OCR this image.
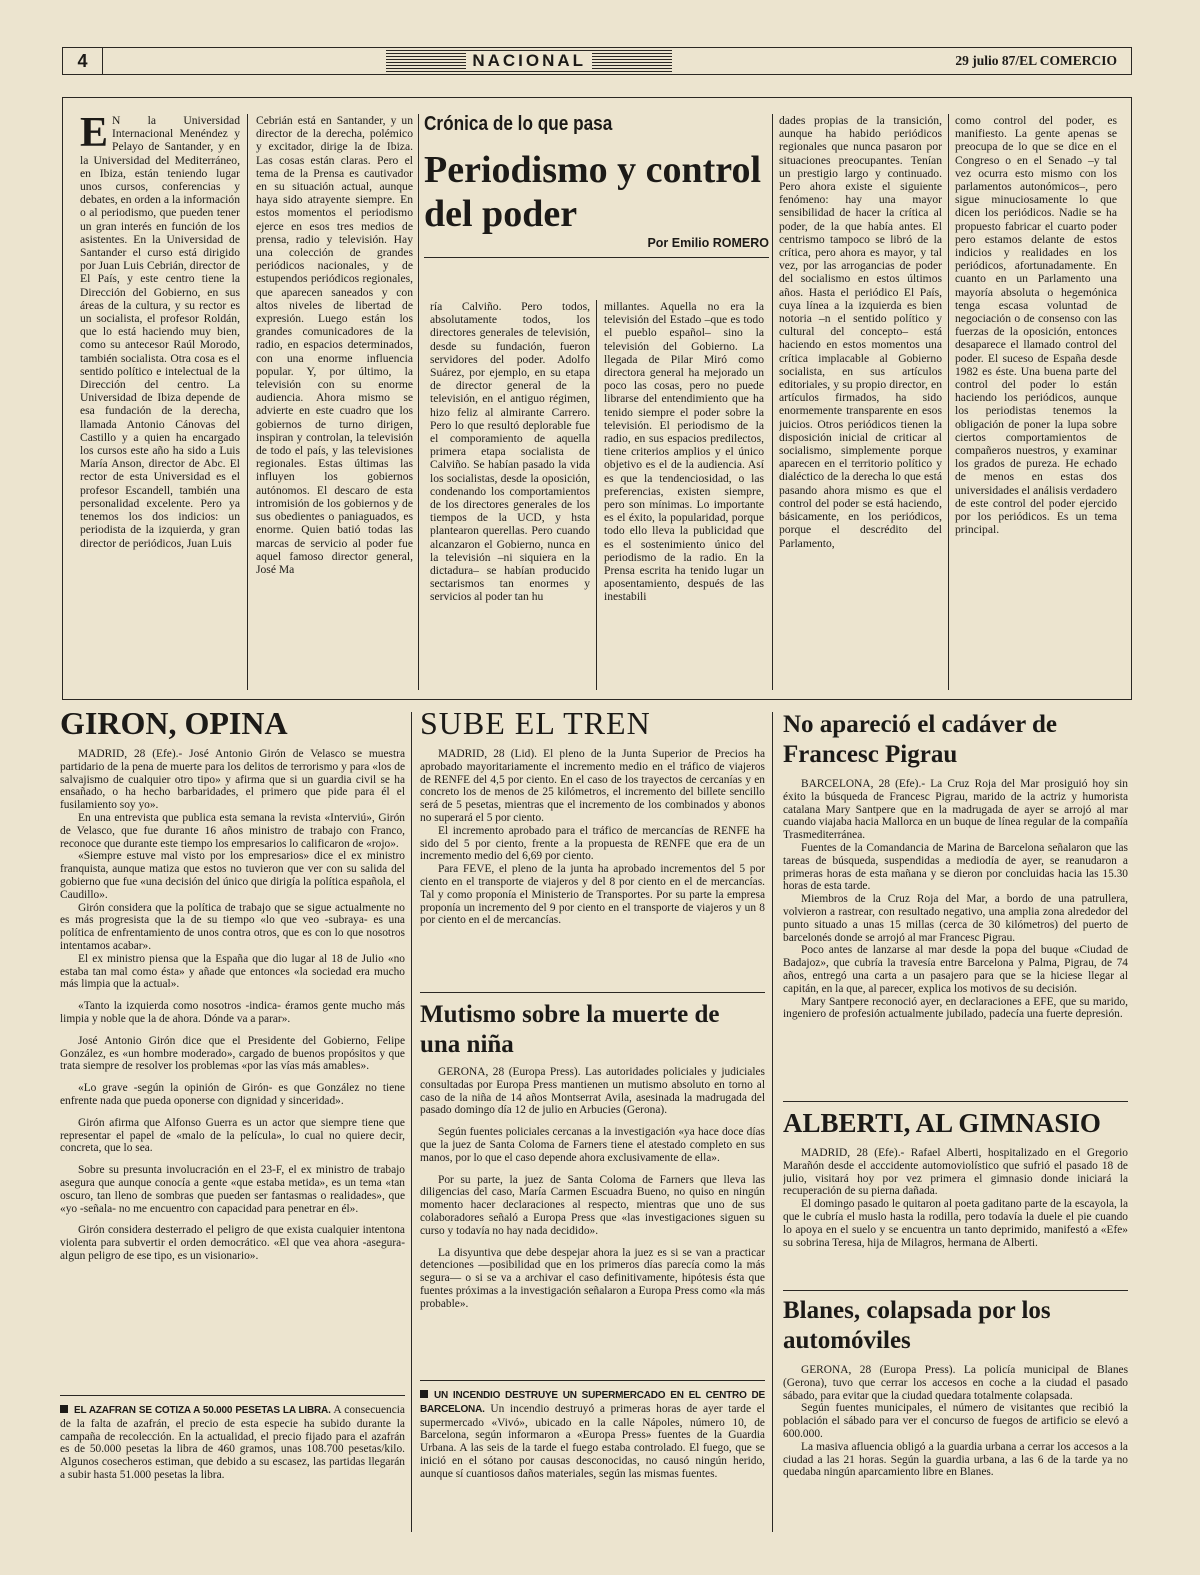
4	NACIONAL	29 julio 87/EL COMERCIO
E N la Universidad Internacional Menéndez y Pelayo de Santander, y en la Universidad del Mediterráneo, en Ibiza, están teniendo lugar unos cursos, conferencias y debates, en orden a la información o al periodismo, que pueden tener un gran interés en función de los asistentes. En la Universidad de Santander el curso está dirigido por Juan Luis Cebrián, director de El País, y este centro tiene la Dirección del Gobierno, en sus áreas de la cultura, y su rector es un socialista, el profesor Roldán, que lo está haciendo muy bien, como su antecesor Raúl Morodo, también socialista. Otra cosa es el sentido político e intelectual de la Dirección del centro. La Universidad de Ibiza depende de esa fundación de la derecha, llamada Antonio Cánovas del Castillo y a quien ha encargado los cursos este año ha sido a Luis María Anson, director de Abc. El rector de esta Universidad es el profesor Escandell, también una personalidad excelente. Pero ya tenemos los dos indicios: un periodista de la izquierda, y gran director de periódicos, Juan Luis
Cebrián está en Santander, y un director de la derecha, polémico y excitador, dirige la de Ibiza. Las cosas están claras. Pero el tema de la Prensa es cautivador en su situación actual, aunque haya sido atrayente siempre. En estos momentos el periodismo ejerce en esos tres medios de prensa, radio y televisión. Hay una colección de grandes periódicos nacionales, y de estupendos periódicos regionales, que aparecen saneados y con altos niveles de libertad de expresión. Luego están los grandes comunicadores de la radio, en espacios determinados, con una enorme influencia popular. Y, por último, la televisión con su enorme audiencia. Ahora mismo se advierte en este cuadro que los gobiernos de turno dirigen, inspiran y controlan, la televisión de todo el país, y las televisiones regionales. Estas últimas las influyen los gobiernos autónomos. El descaro de esta intromisión de los gobiernos y de sus obedientes o paniaguados, es enorme. Quien batió todas las marcas de servicio al poder fue aquel famoso director general, José Ma
Crónica de lo que pasa
Periodismo y control del poder
Por Emilio ROMERO
ría Calviño. Pero todos, absolutamente todos, los directores generales de televisión, desde su fundación, fueron servidores del poder. Adolfo Suárez, por ejemplo, en su etapa de director general de la televisión, en el antiguo régimen, hizo feliz al almirante Carrero. Pero lo que resultó deplorable fue el comporamiento de aquella primera etapa socialista de Calviño. Se habían pasado la vida los socialistas, desde la oposición, condenando los comportamientos de los directores generales de los tiempos de la UCD, y hsta plantearon querellas. Pero cuando alcanzaron el Gobierno, nunca en la televisión –ni siquiera en la dictadura– se habían producido sectarismos tan enormes y servicios al poder tan hu
millantes. Aquella no era la televisión del Estado –que es todo el pueblo español– sino la televisión del Gobierno. La llegada de Pilar Miró como directora general ha mejorado un poco las cosas, pero no puede librarse del entendimiento que ha tenido siempre el poder sobre la televisión. El periodismo de la radio, en sus espacios predilectos, tiene criterios amplios y el único objetivo es el de la audiencia. Así es que la tendenciosidad, o las preferencias, existen siempre, pero son mínimas. Lo importante es el éxito, la popularidad, porque todo ello lleva la publicidad que es el sostenimiento único del periodismo de la radio. En la Prensa escrita ha tenido lugar un aposentamiento, después de las inestabili
dades propias de la transición, aunque ha habido periódicos regionales que nunca pasaron por situaciones preocupantes. Tenían un prestigio largo y continuado. Pero ahora existe el siguiente fenómeno: hay una mayor sensibilidad de hacer la crítica al poder, de la que había antes. El centrismo tampoco se libró de la crítica, pero ahora es mayor, y tal vez, por las arrogancias de poder del socialismo en estos últimos años. Hasta el periódico El País, cuya línea a la izquierda es bien notoria –n el sentido político y cultural del concepto– está haciendo en estos momentos una crítica implacable al Gobierno socialista, en sus artículos editoriales, y su propio director, en artículos firmados, ha sido enormemente transparente en esos juicios. Otros periódicos tienen la disposición inicial de criticar al socialismo, simplemente porque aparecen en el territorio político y dialéctico de la derecha lo que está pasando ahora mismo es que el control del poder se está haciendo, básicamente, en los periódicos, porque el descrédito del Parlamento,
como control del poder, es manifiesto. La gente apenas se preocupa de lo que se dice en el Congreso o en el Senado –y tal vez ocurra esto mismo con los parlamentos autonómicos–, pero sigue minuciosamente lo que dicen los periódicos. Nadie se ha propuesto fabricar el cuarto poder pero estamos delante de estos indicios y realidades en los periódicos, afortunadamente. En cuanto en un Parlamento una mayoría absoluta o hegemónica tenga escasa voluntad de negociación o de consenso con las fuerzas de la oposición, entonces desaparece el llamado control del poder. El suceso de España desde 1982 es éste. Una buena parte del control del poder lo están haciendo los periódicos, aunque los periodistas tenemos la obligación de poner la lupa sobre ciertos comportamientos de compañeros nuestros, y examinar los grados de pureza. He echado de menos en estas dos universidades el análisis verdadero de este control del poder ejercido por los periódicos. Es un tema principal.
GIRON, OPINA

MADRID, 28 (Efe).- José Antonio Girón de Velasco se muestra partidario de la pena de muerte para los delitos de terrorismo y para «los de salvajismo de cualquier otro tipo» y afirma que si un guardia civil se ha ensañado, o ha hecho barbaridades, el primero que pide para él el fusilamiento soy yo».

En una entrevista que publica esta semana la revista «Interviú», Girón de Velasco, que fue durante 16 años ministro de trabajo con Franco, reconoce que durante este tiempo los empresarios lo calificaron de «rojo».

«Siempre estuve mal visto por los empresarios» dice el ex ministro franquista, aunque matiza que estos no tuvieron que ver con su salida del gobierno que fue «una decisión del único que dirigía la política española, el Caudillo».

Girón considera que la política de trabajo que se sigue actualmente no es más progresista que la de su tiempo «lo que veo -subraya- es una política de enfrentamiento de unos contra otros, que es con lo que nosotros intentamos acabar».

El ex ministro piensa que la España que dio lugar al 18 de Julio «no estaba tan mal como ésta» y añade que entonces «la sociedad era mucho más limpia que la actual».

«Tanto la izquierda como nosotros -indica- éramos gente mucho más limpia y noble que la de ahora. Dónde va a parar».

José Antonio Girón dice que el Presidente del Gobierno, Felipe González, es «un hombre moderado», cargado de buenos propósitos y que trata siempre de resolver los problemas «por las vías más amables».

«Lo grave -según la opinión de Girón- es que González no tiene enfrente nada que pueda oponerse con dignidad y sinceridad».

Girón afirma que Alfonso Guerra es un actor que siempre tiene que representar el papel de «malo de la película», lo cual no quiere decir, concreta, que lo sea.

Sobre su presunta involucración en el 23-F, el ex ministro de trabajo asegura que aunque conocía a gente «que estaba metida», es un tema «tan oscuro, tan lleno de sombras que pueden ser fantasmas o realidades», que «yo -señala- no me encuentro con capacidad para penetrar en él».

Girón considera desterrado el peligro de que exista cualquier intentona violenta para subvertir el orden democrático. «El que vea ahora -asegura- algun peligro de ese tipo, es un visionario».

EL AZAFRAN SE COTIZA A 50.000 PESETAS LA LIBRA. A consecuencia de la falta de azafrán, el precio de esta especie ha subido durante la campaña de recolección. En la actualidad, el precio fijado para el azafrán es de 50.000 pesetas la libra de 460 gramos, unas 108.700 pesetas/kilo. Algunos cosecheros estiman, que debido a su escasez, las partidas llegarán a subir hasta 51.000 pesetas la libra.
SUBE EL TREN

MADRID, 28 (Lid). El pleno de la Junta Superior de Precios ha aprobado mayoritariamente el incremento medio en el tráfico de viajeros de RENFE del 4,5 por ciento. En el caso de los trayectos de cercanías y en concreto los de menos de 25 kilómetros, el incremento del billete sencillo será de 5 pesetas, mientras que el incremento de los combinados y abonos no superará el 5 por ciento.

El incremento aprobado para el tráfico de mercancías de RENFE ha sido del 5 por ciento, frente a la propuesta de RENFE que era de un incremento medio del 6,69 por ciento.

Para FEVE, el pleno de la junta ha aprobado incrementos del 5 por ciento en el transporte de viajeros y del 8 por ciento en el de mercancías. Tal y como proponía el Ministerio de Transportes. Por su parte la empresa proponía un incremento del 9 por ciento en el transporte de viajeros y un 8 por ciento en el de mercancías.

Mutismo sobre la muerte de una niña

GERONA, 28 (Europa Press). Las autoridades policiales y judiciales consultadas por Europa Press mantienen un mutismo absoluto en torno al caso de la niña de 14 años Montserrat Avila, asesinada la madrugada del pasado domingo día 12 de julio en Arbucies (Gerona).

Según fuentes policiales cercanas a la investigación «ya hace doce días que la juez de Santa Coloma de Farners tiene el atestado completo en sus manos, por lo que el caso depende ahora exclusivamente de ella».

Por su parte, la juez de Santa Coloma de Farners que lleva las diligencias del caso, María Carmen Escuadra Bueno, no quiso en ningún momento hacer declaraciones al respecto, mientras que uno de sus colaboradores señaló a Europa Press que «las investigaciones siguen su curso y todavía no hay nada decidido».

La disyuntiva que debe despejar ahora la juez es si se van a practicar detenciones —posibilidad que en los primeros días parecía como la más segura— o si se va a archivar el caso definitivamente, hipótesis ésta que fuentes próximas a la investigación señalaron a Europa Press como «la más probable».

UN INCENDIO DESTRUYE UN SUPERMERCADO EN EL CENTRO DE BARCELONA. Un incendio destruyó a primeras horas de ayer tarde el supermercado «Vivó», ubicado en la calle Nápoles, número 10, de Barcelona, según informaron a «Europa Press» fuentes de la Guardia Urbana. A las seis de la tarde el fuego estaba controlado. El fuego, que se inició en el sótano por causas desconocidas, no causó ningún herido, aunque sí cuantiosos daños materiales, según las mismas fuentes.
No apareció el cadáver de Francesc Pigrau

BARCELONA, 28 (Efe).- La Cruz Roja del Mar prosiguió hoy sin éxito la búsqueda de Francesc Pigrau, marido de la actriz y humorista catalana Mary Santpere que en la madrugada de ayer se arrojó al mar cuando viajaba hacia Mallorca en un buque de línea regular de la compañía Trasmediterránea.

Fuentes de la Comandancia de Marina de Barcelona señalaron que las tareas de búsqueda, suspendidas a mediodía de ayer, se reanudaron a primeras horas de esta mañana y se dieron por concluidas hacia las 15.30 horas de esta tarde.

Miembros de la Cruz Roja del Mar, a bordo de una patrullera, volvieron a rastrear, con resultado negativo, una amplia zona alrededor del punto situado a unas 15 millas (cerca de 30 kilómetros) del puerto de barcelonés donde se arrojó al mar Francesc Pigrau.

Poco antes de lanzarse al mar desde la popa del buque «Ciudad de Badajoz», que cubría la travesía entre Barcelona y Palma, Pigrau, de 74 años, entregó una carta a un pasajero para que se la hiciese llegar al capitán, en la que, al parecer, explica los motivos de su decisión.

Mary Santpere reconoció ayer, en declaraciones a EFE, que su marido, ingeniero de profesión actualmente jubilado, padecía una fuerte depresión.

ALBERTI, AL GIMNASIO

MADRID, 28 (Efe).- Rafael Alberti, hospitalizado en el Gregorio Marañón desde el acccidente automoviolístico que sufrió el pasado 18 de julio, visitará hoy por vez primera el gimnasio donde iniciará la recuperación de su pierna dañada.

El domingo pasado le quitaron al poeta gaditano parte de la escayola, la que le cubría el muslo hasta la rodilla, pero todavía la duele el pie cuando lo apoya en el suelo y se encuentra un tanto deprimido, manifestó a «Efe» su sobrina Teresa, hija de Milagros, hermana de Alberti.

Blanes, colapsada por los automóviles

GERONA, 28 (Europa Press). La policía municipal de Blanes (Gerona), tuvo que cerrar los accesos en coche a la ciudad el pasado sábado, para evitar que la ciudad quedara totalmente colapsada.

Según fuentes municipales, el número de visitantes que recibió la población el sábado para ver el concurso de fuegos de artificio se elevó a 600.000.

La masiva afluencia obligó a la guardia urbana a cerrar los accesos a la ciudad a las 21 horas. Según la guardia urbana, a las 6 de la tarde ya no quedaba ningún aparcamiento libre en Blanes.
